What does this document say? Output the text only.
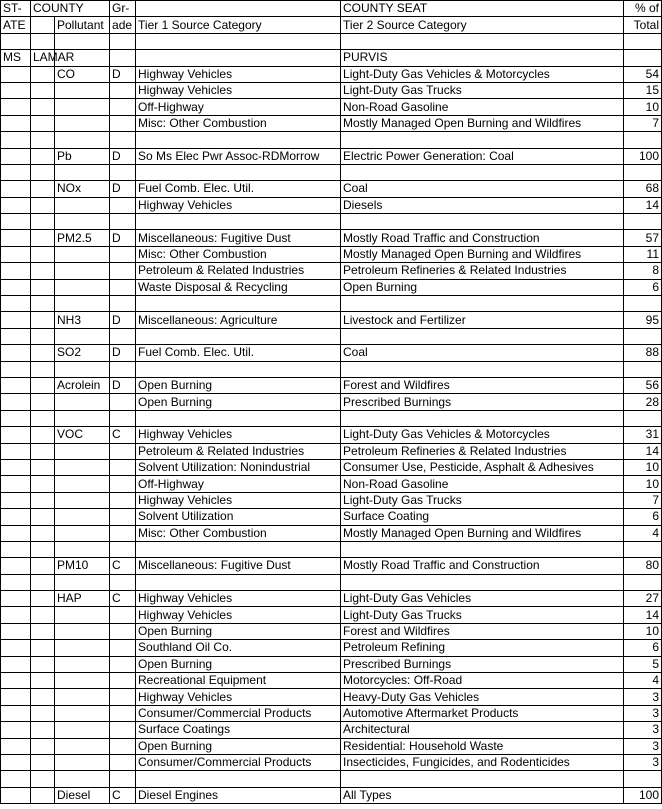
ST-	COUNTY		Gr-		COUNTY SEAT	% of
ATE		Pollutant	ade	Tier 1 Source Category	Tier 2 Source Category	Total

MS	LAMAR				PURVIS	
		CO	D	Highway Vehicles	Light-Duty Gas Vehicles & Motorcycles	54
				Highway Vehicles	Light-Duty Gas Trucks	15
				Off-Highway	Non-Road Gasoline	10
				Misc: Other Combustion	Mostly Managed Open Burning and Wildfires	7

		Pb	D	So Ms Elec Pwr Assoc-RDMorrow	Electric Power Generation: Coal	100

		NOx	D	Fuel Comb. Elec. Util.	Coal	68
				Highway Vehicles	Diesels	14

		PM2.5	D	Miscellaneous: Fugitive Dust	Mostly Road Traffic and Construction	57
				Misc: Other Combustion	Mostly Managed Open Burning and Wildfires	11
				Petroleum & Related Industries	Petroleum Refineries & Related Industries	8
				Waste Disposal & Recycling	Open Burning	6

		NH3	D	Miscellaneous: Agriculture	Livestock and Fertilizer	95

		SO2	D	Fuel Comb. Elec. Util.	Coal	88

		Acrolein	D	Open Burning	Forest and Wildfires	56
				Open Burning	Prescribed Burnings	28

		VOC	C	Highway Vehicles	Light-Duty Gas Vehicles & Motorcycles	31
				Petroleum & Related Industries	Petroleum Refineries & Related Industries	14
				Solvent Utilization: Nonindustrial	Consumer Use, Pesticide, Asphalt & Adhesives	10
				Off-Highway	Non-Road Gasoline	10
				Highway Vehicles	Light-Duty Gas Trucks	7
				Solvent Utilization	Surface Coating	6
				Misc: Other Combustion	Mostly Managed Open Burning and Wildfires	4

		PM10	C	Miscellaneous: Fugitive Dust	Mostly Road Traffic and Construction	80

		HAP	C	Highway Vehicles	Light-Duty Gas Vehicles	27
				Highway Vehicles	Light-Duty Gas Trucks	14
				Open Burning	Forest and Wildfires	10
				Southland Oil Co.	Petroleum Refining	6
				Open Burning	Prescribed Burnings	5
				Recreational Equipment	Motorcycles: Off-Road	4
				Highway Vehicles	Heavy-Duty Gas Vehicles	3
				Consumer/Commercial Products	Automotive Aftermarket Products	3
				Surface Coatings	Architectural	3
				Open Burning	Residential: Household Waste	3
				Consumer/Commercial Products	Insecticides, Fungicides, and Rodenticides	3

		Diesel	C	Diesel Engines	All Types	100
